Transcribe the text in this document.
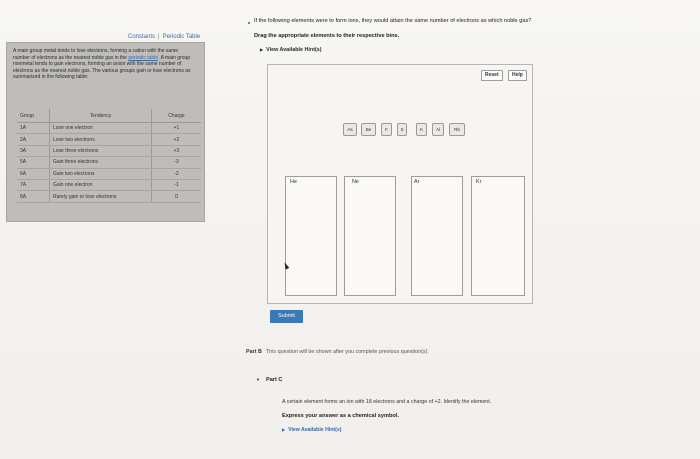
Constants | Periodic Table

A main group metal tends to lose electrons, forming a cation with the same number of electrons as the nearest noble gas in the periodic table. A main group nonmetal tends to gain electrons, forming an anion with the same number of electrons as the nearest noble gas. The various groups gain or lose electrons as summarized in the following table:

Group	Tendency	Charge
1A	Lose one electron	+1
2A	Lose two electrons	+2
3A	Lose three electrons	+3
5A	Gain three electrons	-3
6A	Gain two electrons	-2
7A	Gain one electron	-1
8A	Rarely gain or lose electrons	0
If the following elements were to form ions, they would attain the same number of electrons as which noble gas?
Drag the appropriate elements to their respective bins.
▶ View Available Hint(s)
Reset	Help
As	Be	F	S	K	Al	Rb
He	Ne	Ar	Kr
Submit
Part B This question will be shown after you complete previous question(s).
▼ Part C
A certain element forms an ion with 18 electrons and a charge of +2. Identify the element.
Express your answer as a chemical symbol.
▶ View Available Hint(s)
